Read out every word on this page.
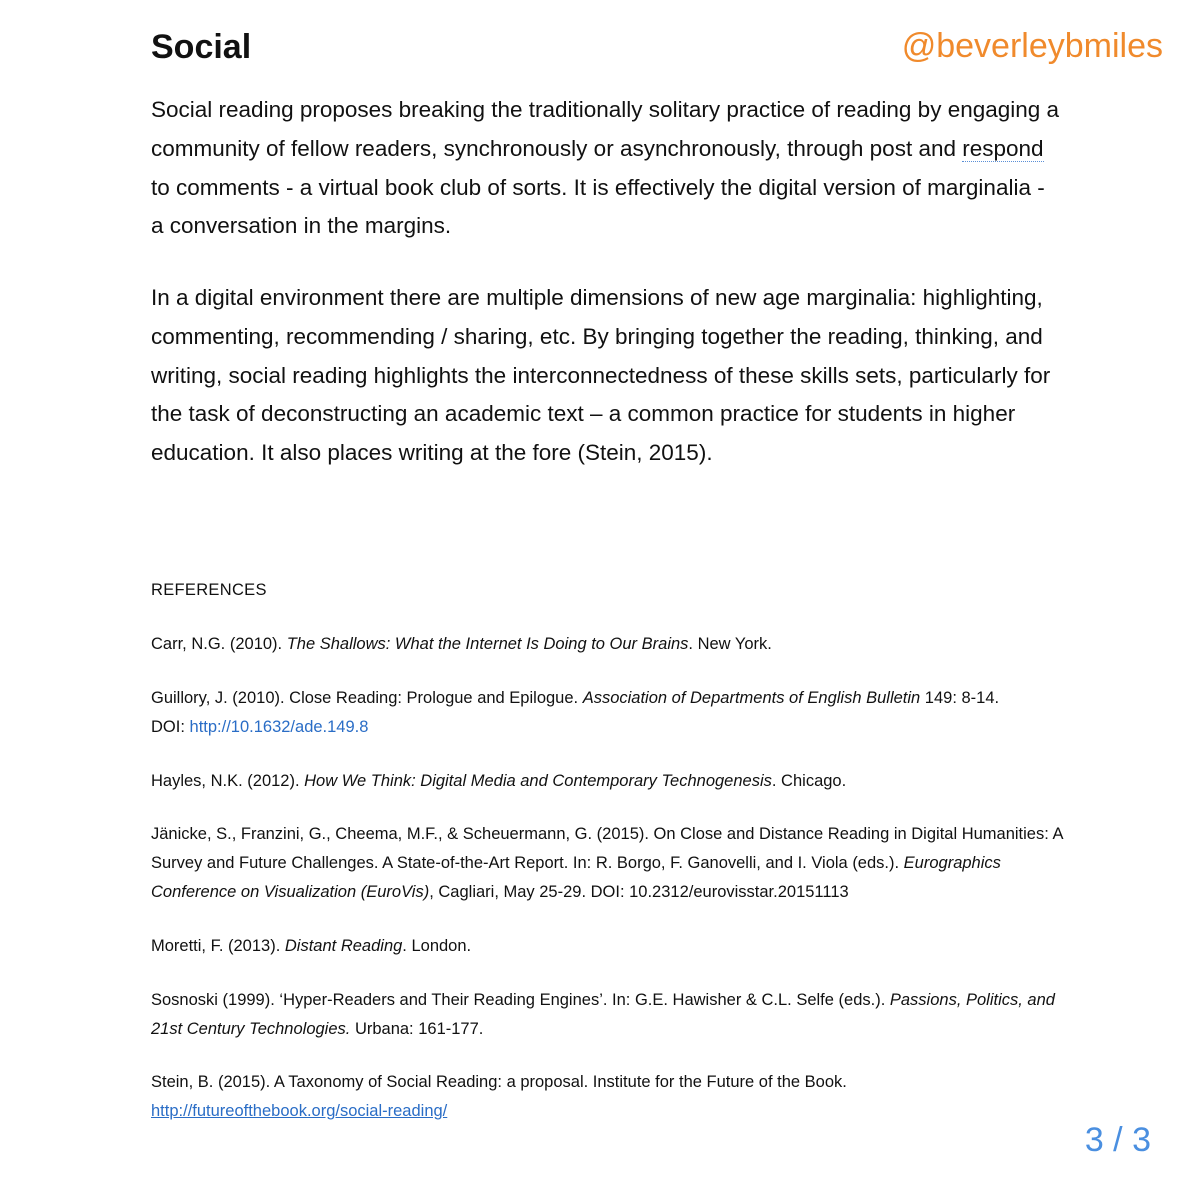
Social	@beverleybmiles

Social reading proposes breaking the traditionally solitary practice of reading by engaging a community of fellow readers, synchronously or asynchronously, through post and respond to comments - a virtual book club of sorts. It is effectively the digital version of marginalia - a conversation in the margins.

In a digital environment there are multiple dimensions of new age marginalia: highlighting, commenting, recommending / sharing, etc. By bringing together the reading, thinking, and writing, social reading highlights the interconnectedness of these skills sets, particularly for the task of deconstructing an academic text – a common practice for students in higher education. It also places writing at the fore (Stein, 2015).

REFERENCES

Carr, N.G. (2010). The Shallows: What the Internet Is Doing to Our Brains. New York.

Guillory, J. (2010). Close Reading: Prologue and Epilogue. Association of Departments of English Bulletin 149: 8-14.
DOI: http://10.1632/ade.149.8

Hayles, N.K. (2012). How We Think: Digital Media and Contemporary Technogenesis. Chicago.

Jänicke, S., Franzini, G., Cheema, M.F., & Scheuermann, G. (2015). On Close and Distance Reading in Digital Humanities: A Survey and Future Challenges. A State-of-the-Art Report. In: R. Borgo, F. Ganovelli, and I. Viola (eds.). Eurographics Conference on Visualization (EuroVis), Cagliari, May 25-29. DOI: 10.2312/eurovisstar.20151113

Moretti, F. (2013). Distant Reading. London.

Sosnoski (1999). ‘Hyper-Readers and Their Reading Engines’. In: G.E. Hawisher & C.L. Selfe (eds.). Passions, Politics, and 21st Century Technologies. Urbana: 161-177.

Stein, B. (2015). A Taxonomy of Social Reading: a proposal. Institute for the Future of the Book.
http://futureofthebook.org/social-reading/

3 / 3
